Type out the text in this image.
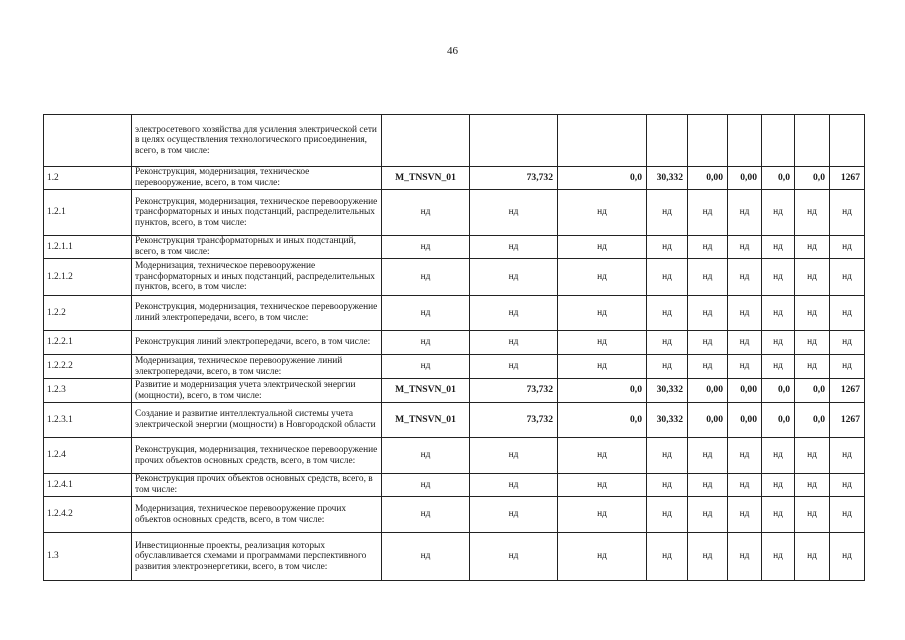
46
	электросетевого хозяйства для усиления электрической сети в целях осуществления технологического присоединения, всего, в том числе:									
1.2	Реконструкция, модернизация, техническое перевооружение, всего, в том числе:	M_TNSVN_01	73,732	0,0	30,332	0,00	0,00	0,0	0,0	1267
1.2.1	Реконструкция, модернизация, техническое перевооружение трансформаторных и иных подстанций, распределительных пунктов, всего, в том числе:	нд	нд	нд	нд	нд	нд	нд	нд	нд
1.2.1.1	Реконструкция трансформаторных и иных подстанций, всего, в том числе:	нд	нд	нд	нд	нд	нд	нд	нд	нд
1.2.1.2	Модернизация, техническое перевооружение трансформаторных и иных подстанций, распределительных пунктов, всего, в том числе:	нд	нд	нд	нд	нд	нд	нд	нд	нд
1.2.2	Реконструкция, модернизация, техническое перевооружение линий электропередачи, всего, в том числе:	нд	нд	нд	нд	нд	нд	нд	нд	нд
1.2.2.1	Реконструкция линий электропередачи, всего, в том числе:	нд	нд	нд	нд	нд	нд	нд	нд	нд
1.2.2.2	Модернизация, техническое перевооружение линий электропередачи, всего, в том числе:	нд	нд	нд	нд	нд	нд	нд	нд	нд
1.2.3	Развитие и модернизация учета электрической энергии (мощности), всего, в том числе:	M_TNSVN_01	73,732	0,0	30,332	0,00	0,00	0,0	0,0	1267
1.2.3.1	Создание и развитие интеллектуальной системы учета электрической энергии (мощности) в Новгородской области	M_TNSVN_01	73,732	0,0	30,332	0,00	0,00	0,0	0,0	1267
1.2.4	Реконструкция, модернизация, техническое перевооружение прочих объектов основных средств, всего, в том числе:	нд	нд	нд	нд	нд	нд	нд	нд	нд
1.2.4.1	Реконструкция прочих объектов основных средств, всего, в том числе:	нд	нд	нд	нд	нд	нд	нд	нд	нд
1.2.4.2	Модернизация, техническое перевооружение прочих объектов основных средств, всего, в том числе:	нд	нд	нд	нд	нд	нд	нд	нд	нд
1.3	Инвестиционные проекты, реализация которых обуславливается схемами и программами перспективного развития электроэнергетики, всего, в том числе:	нд	нд	нд	нд	нд	нд	нд	нд	нд
